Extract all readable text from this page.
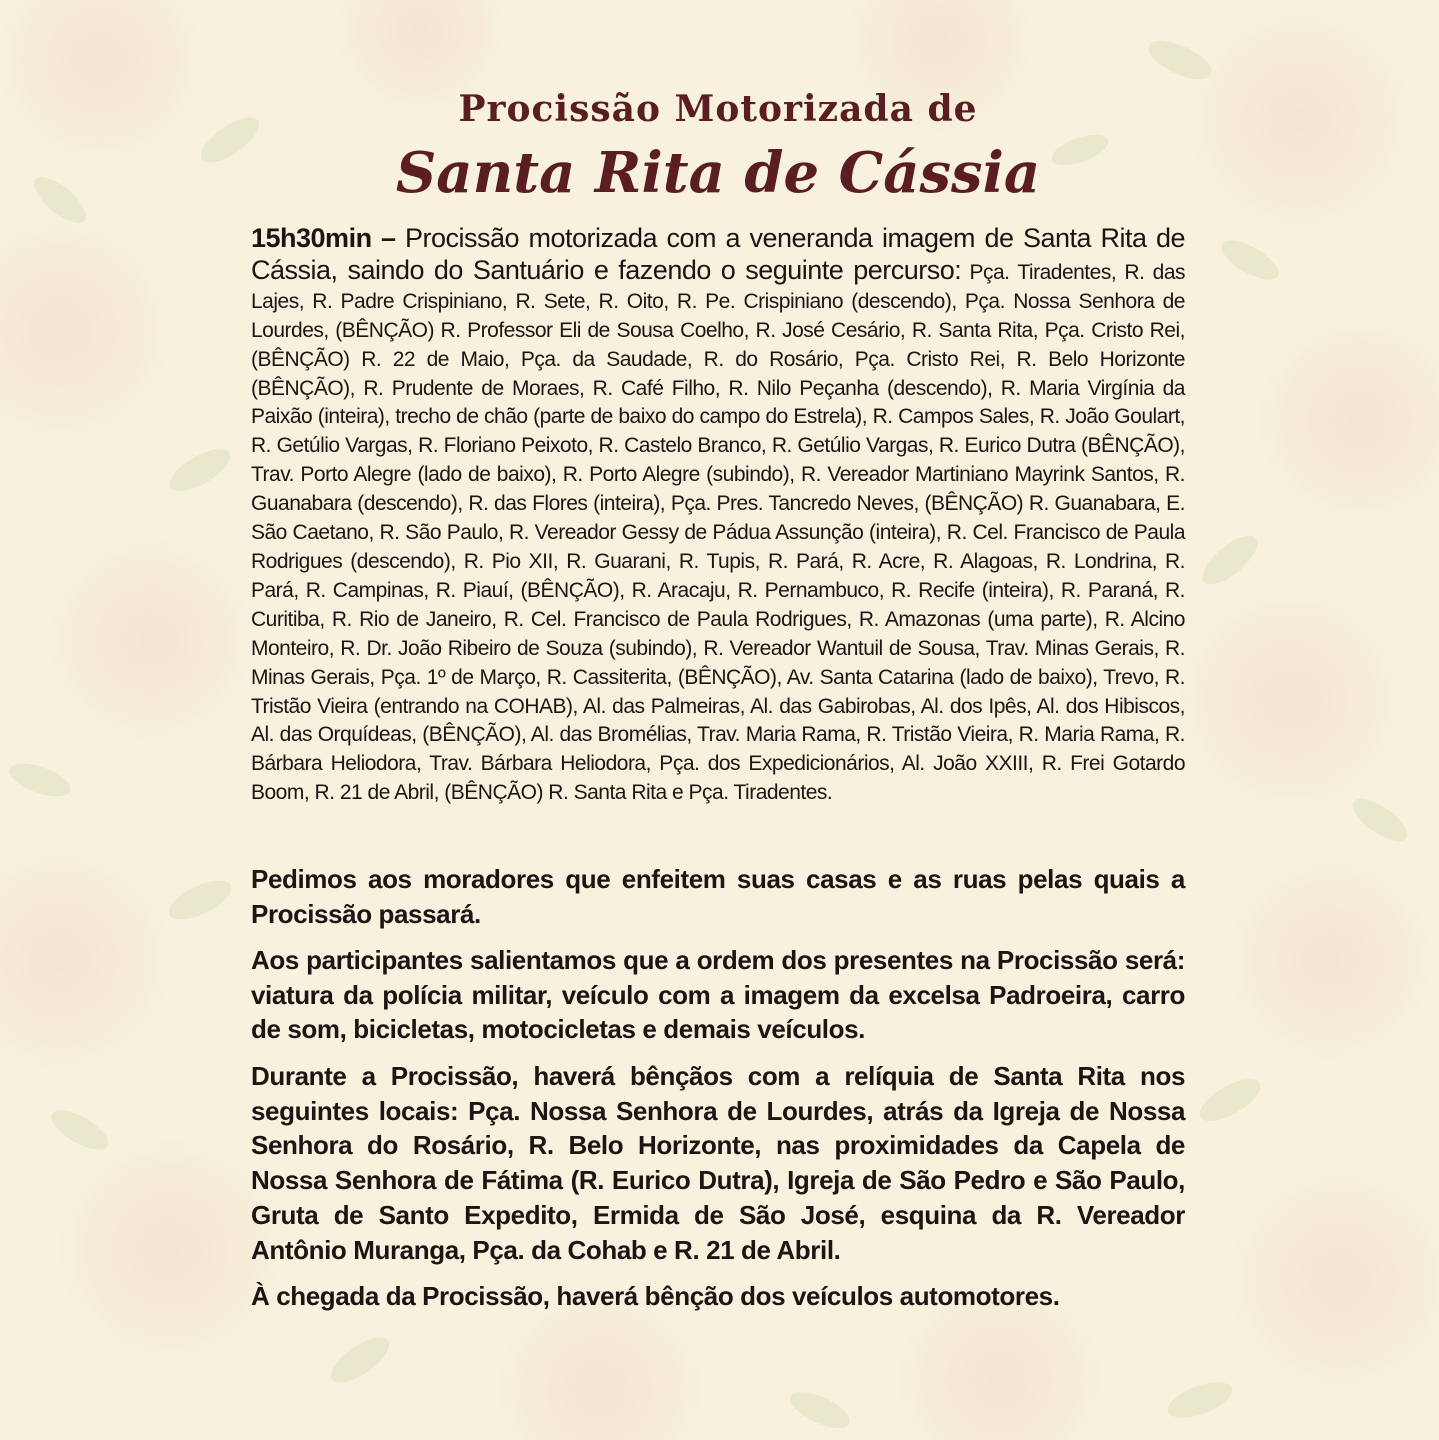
Procissão Motorizada de
Santa Rita de Cássia

15h30min – Procissão motorizada com a veneranda imagem de Santa Rita de Cássia, saindo do Santuário e fazendo o seguinte percurso: Pça. Tiradentes, R. das Lajes, R. Padre Crispiniano, R. Sete, R. Oito, R. Pe. Crispiniano (descendo), Pça. Nossa Senhora de Lourdes, (BÊNÇÃO) R. Professor Eli de Sousa Coelho, R. José Cesário, R. Santa Rita, Pça. Cristo Rei, (BÊNÇÃO) R. 22 de Maio, Pça. da Saudade, R. do Rosário, Pça. Cristo Rei, R. Belo Horizonte (BÊNÇÃO), R. Prudente de Moraes, R. Café Filho, R. Nilo Peçanha (descendo), R. Maria Virgínia da Paixão (inteira), trecho de chão (parte de baixo do campo do Estrela), R. Campos Sales, R. João Goulart, R. Getúlio Vargas, R. Floriano Peixoto, R. Castelo Branco, R. Getúlio Vargas, R. Eurico Dutra (BÊNÇÃO), Trav. Porto Alegre (lado de baixo), R. Porto Alegre (subindo), R. Vereador Martiniano Mayrink Santos, R. Guanabara (descendo), R. das Flores (inteira), Pça. Pres. Tancredo Neves, (BÊNÇÃO) R. Guanabara, E. São Caetano, R. São Paulo, R. Vereador Gessy de Pádua Assunção (inteira), R. Cel. Francisco de Paula Rodrigues (descendo), R. Pio XII, R. Guarani, R. Tupis, R. Pará, R. Acre, R. Alagoas, R. Londrina, R. Pará, R. Campinas, R. Piauí, (BÊNÇÃO), R. Aracaju, R. Pernambuco, R. Recife (inteira), R. Paraná, R. Curitiba, R. Rio de Janeiro, R. Cel. Francisco de Paula Rodrigues, R. Amazonas (uma parte), R. Alcino Monteiro, R. Dr. João Ribeiro de Souza (subindo), R. Vereador Wantuil de Sousa, Trav. Minas Gerais, R. Minas Gerais, Pça. 1º de Março, R. Cassiterita, (BÊNÇÃO), Av. Santa Catarina (lado de baixo), Trevo, R. Tristão Vieira (entrando na COHAB), Al. das Palmeiras, Al. das Gabirobas, Al. dos Ipês, Al. dos Hibiscos, Al. das Orquídeas, (BÊNÇÃO), Al. das Bromélias, Trav. Maria Rama, R. Tristão Vieira, R. Maria Rama, R. Bárbara Heliodora, Trav. Bárbara Heliodora, Pça. dos Expedicionários, Al. João XXIII, R. Frei Gotardo Boom, R. 21 de Abril, (BÊNÇÃO) R. Santa Rita e Pça. Tiradentes.

Pedimos aos moradores que enfeitem suas casas e as ruas pelas quais a Procissão passará.

Aos participantes salientamos que a ordem dos presentes na Procissão será: viatura da polícia militar, veículo com a imagem da excelsa Padroeira, carro de som, bicicletas, motocicletas e demais veículos.

Durante a Procissão, haverá bênçãos com a relíquia de Santa Rita nos seguintes locais: Pça. Nossa Senhora de Lourdes, atrás da Igreja de Nossa Senhora do Rosário, R. Belo Horizonte, nas proximidades da Capela de Nossa Senhora de Fátima (R. Eurico Dutra), Igreja de São Pedro e São Paulo, Gruta de Santo Expedito, Ermida de São José, esquina da R. Vereador Antônio Muranga, Pça. da Cohab e R. 21 de Abril.

À chegada da Procissão, haverá bênção dos veículos automotores.
